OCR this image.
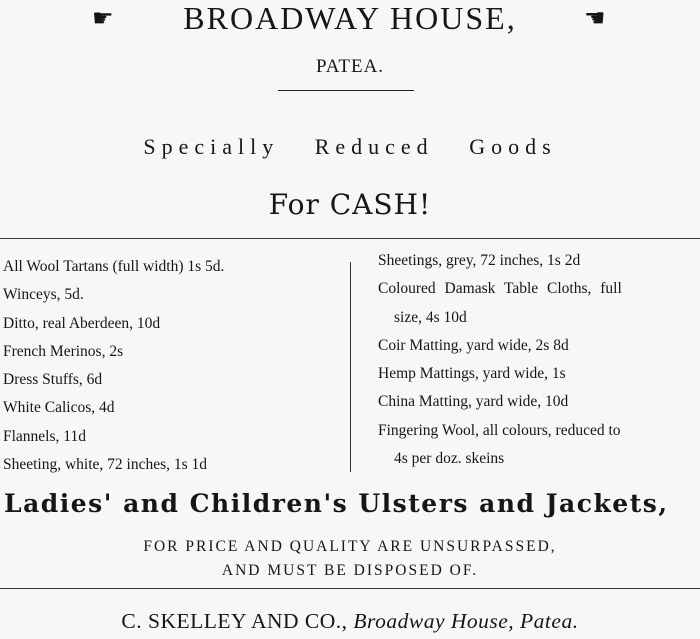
☛	BROADWAY HOUSE,	☚
PATEA.
Specially Reduced Goods
For CASH!
All Wool Tartans (full width) 1s 5d.
Winceys, 5d.
Ditto, real Aberdeen, 10d
French Merinos, 2s
Dress Stuffs, 6d
White Calicos, 4d
Flannels, 11d
Sheeting, white, 72 inches, 1s 1d
Sheetings, grey, 72 inches, 1s 2d
Coloured Damask Table Cloths, full
size, 4s 10d
Coir Matting, yard wide, 2s 8d
Hemp Mattings, yard wide, 1s
China Matting, yard wide, 10d
Fingering Wool, all colours, reduced to
4s per doz. skeins
Ladies' and Children's Ulsters and Jackets,
FOR PRICE AND QUALITY ARE UNSURPASSED,
AND MUST BE DISPOSED OF.
C. SKELLEY AND CO., Broadway House, Patea.
